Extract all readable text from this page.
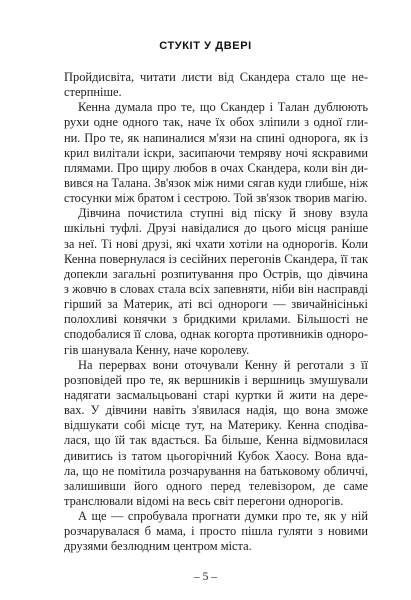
СТУКІТ У ДВЕРІ
Пройдисвіта, читати листи від Скандера стало ще не-
стерпніше.
Кенна думала про те, що Скандер і Талан дублюють
рухи одне одного так, наче їх обох зліпили з одної гли-
ни. Про те, як напиналися м'язи на спині однорога, як із
крил вилітали іскри, засипаючи темряву ночі яскравими
плямами. Про щиру любов в очах Скандера, коли він ди-
вився на Талана. Зв'язок між ними сягав куди глибше, ніж
стосунки між братом і сестрою. Той зв'язок творив магію.
Дівчина почистила ступні від піску й знову взула
шкільні туфлі. Друзі навідалися до цього місця раніше
за неї. Ті нові друзі, які чхати хотіли на однорогів. Коли
Кенна повернулася із сесійних перегонів Скандера, її так
допекли загальні розпитування про Острів, що дівчина
з жовчю в словах стала всіх запевняти, ніби він насправді
гірший за Материк, аті всі однороги — звичайнісінькі
полохливі конячки з бридкими крилами. Більшості не
сподобалися її слова, однак когорта противників одноро-
гів шанувала Кенну, наче королеву.
На перервах вони оточували Кенну й реготали з її
розповідей про те, як вершників і вершниць змушували
надягати засмальцьовані старі куртки й жити на дере-
вах. У дівчини навіть з'явилася надія, що вона зможе
відшукати собі місце тут, на Материку. Кенна сподіва-
лася, що їй так вдасться. Ба більше, Кенна відмовилася
дивитись із татом цьогорічний Кубок Хаосу. Вона вда-
ла, що не помітила розчарування на батьковому обличчі,
залишивши його одного перед телевізором, де саме
транслювали відомі на весь світ перегони однорогів.
А ще — спробувала прогнати думки про те, як у ній
розчарувалася б мама, і просто пішла гуляти з новими
друзями безлюдним центром міста.
– 5 –
